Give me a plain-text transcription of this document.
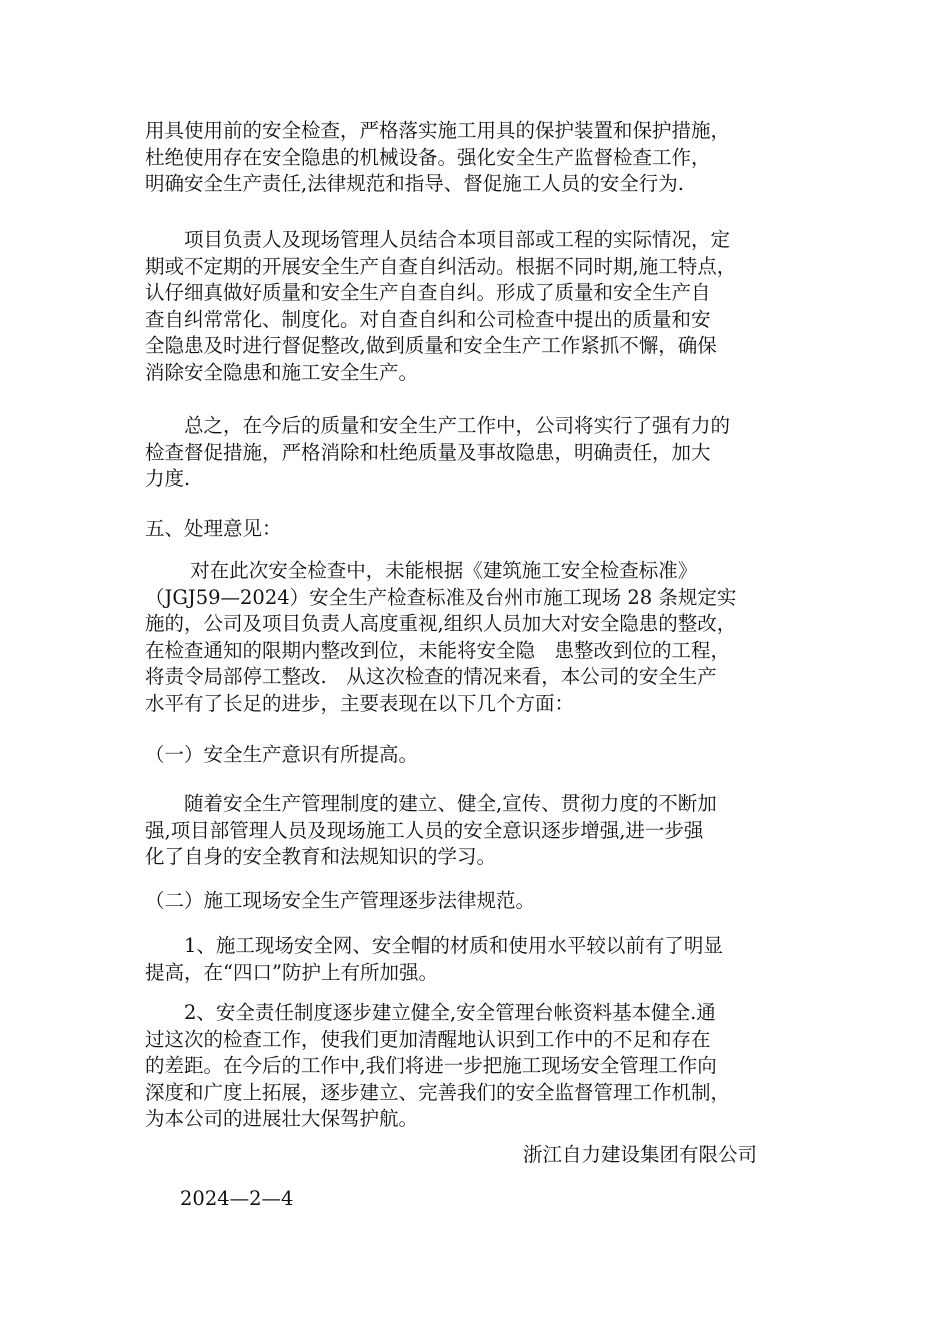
用具使用前的安全检查，严格落实施工用具的保护装置和保护措施，
杜绝使用存在安全隐患的机械设备。强化安全生产监督检查工作，
明确安全生产责任,法律规范和指导、督促施工人员的安全行为.

　　项目负责人及现场管理人员结合本项目部或工程的实际情况，定
期或不定期的开展安全生产自查自纠活动。根据不同时期,施工特点，
认仔细真做好质量和安全生产自查自纠。形成了质量和安全生产自
查自纠常常化、制度化。对自查自纠和公司检查中提出的质量和安
全隐患及时进行督促整改,做到质量和安全生产工作紧抓不懈，确保
消除安全隐患和施工安全生产。

　　总之，在今后的质量和安全生产工作中，公司将实行了强有力的
检查督促措施，严格消除和杜绝质量及事故隐患，明确责任，加大
力度.

五、处理意见：

　　 对在此次安全检查中，未能根据《建筑施工安全检查标准》
（JGJ59—2024）安全生产检查标准及台州市施工现场 28 条规定实
施的，公司及项目负责人高度重视,组织人员加大对安全隐患的整改，
在检查通知的限期内整改到位，未能将安全隐　患整改到位的工程，
将责令局部停工整改.　从这次检查的情况来看，本公司的安全生产
水平有了长足的进步，主要表现在以下几个方面：

（一）安全生产意识有所提高。

　　随着安全生产管理制度的建立、健全,宣传、贯彻力度的不断加
强,项目部管理人员及现场施工人员的安全意识逐步增强,进一步强
化了自身的安全教育和法规知识的学习。

（二）施工现场安全生产管理逐步法律规范。

　　1、施工现场安全网、安全帽的材质和使用水平较以前有了明显
提高，在“四口”防护上有所加强。

　　2、安全责任制度逐步建立健全,安全管理台帐资料基本健全.通
过这次的检查工作，使我们更加清醒地认识到工作中的不足和存在
的差距。在今后的工作中,我们将进一步把施工现场安全管理工作向
深度和广度上拓展，逐步建立、完善我们的安全监督管理工作机制，
为本公司的进展壮大保驾护航。

浙江自力建设集团有限公司
2024—2—4
